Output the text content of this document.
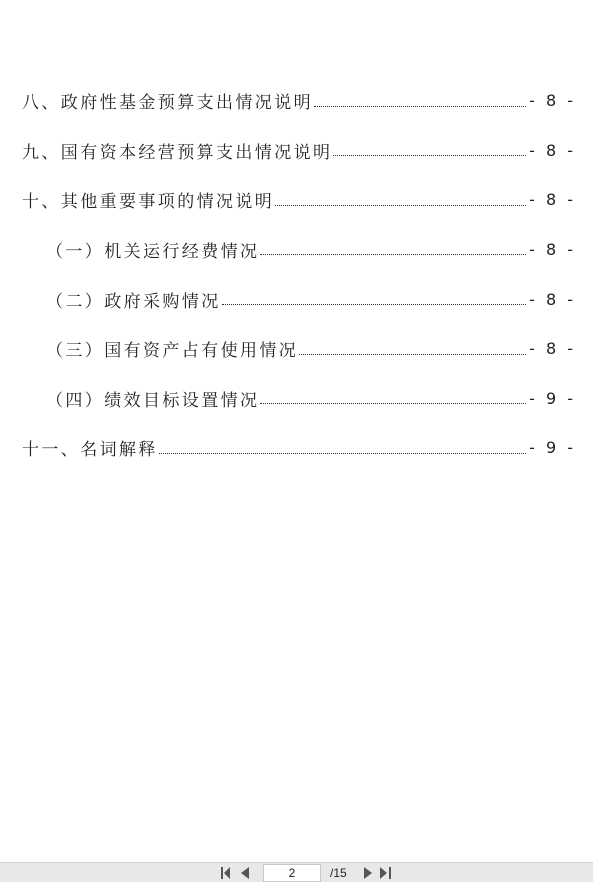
八、政府性基金预算支出情况说明	- 8 -
九、国有资本经营预算支出情况说明	- 8 -
十、其他重要事项的情况说明	- 8 -
（一）机关运行经费情况	- 8 -
（二）政府采购情况	- 8 -
（三）国有资产占有使用情况	- 8 -
（四）绩效目标设置情况	- 9 -
十一、名词解释	- 9 -
2
/15
